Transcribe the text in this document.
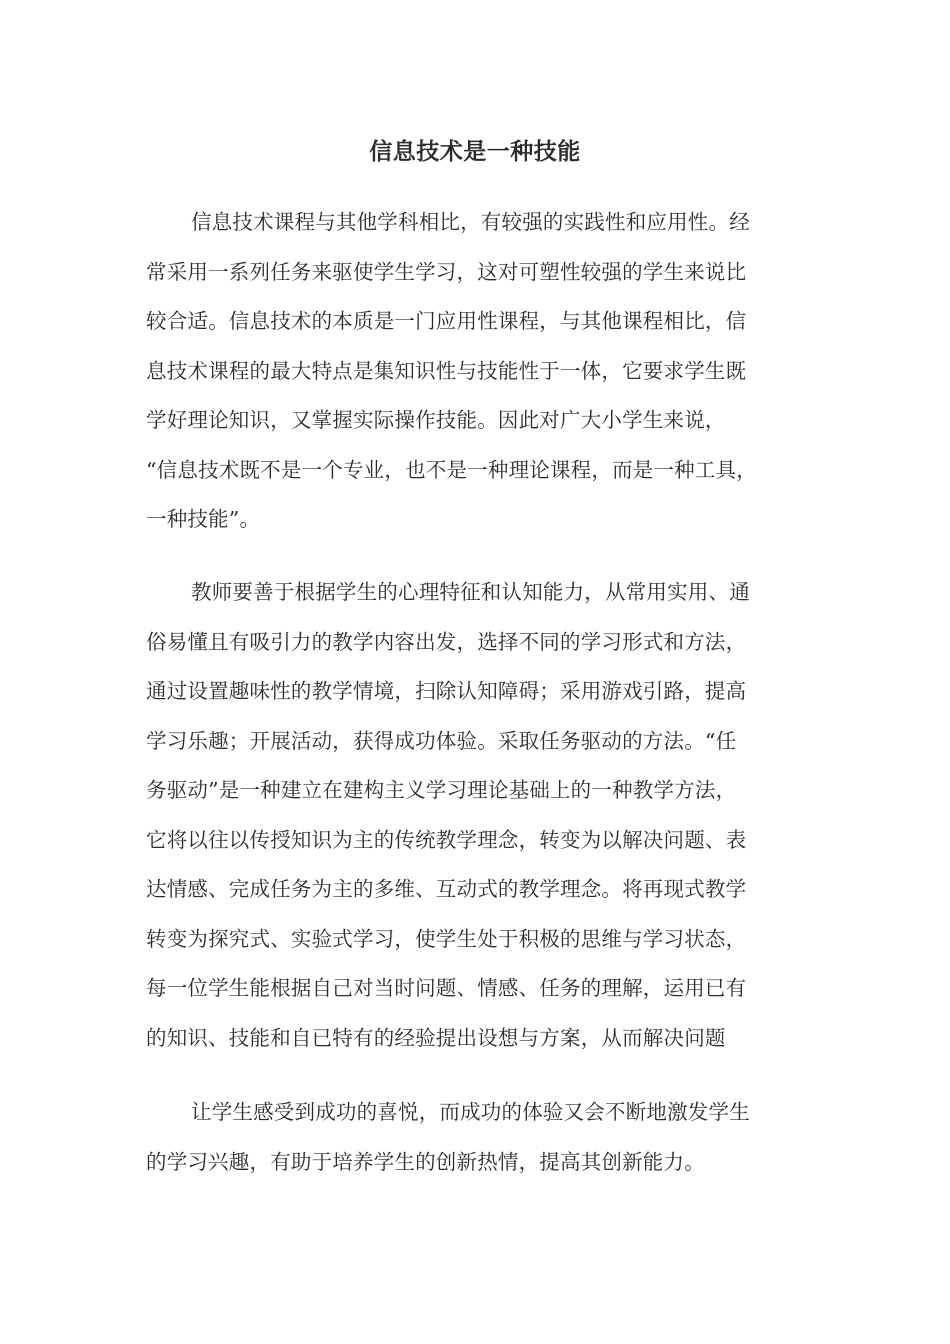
信息技术是一种技能
信息技术课程与其他学科相比，有较强的实践性和应用性。经
常采用一系列任务来驱使学生学习，这对可塑性较强的学生来说比
较合适。信息技术的本质是一门应用性课程，与其他课程相比，信
息技术课程的最大特点是集知识性与技能性于一体，它要求学生既
学好理论知识，又掌握实际操作技能。因此对广大小学生来说，
“信息技术既不是一个专业，也不是一种理论课程，而是一种工具，
一种技能”。
教师要善于根据学生的心理特征和认知能力，从常用实用、通
俗易懂且有吸引力的教学内容出发，选择不同的学习形式和方法，
通过设置趣味性的教学情境，扫除认知障碍；采用游戏引路，提高
学习乐趣；开展活动，获得成功体验。采取任务驱动的方法。“任
务驱动”是一种建立在建构主义学习理论基础上的一种教学方法，
它将以往以传授知识为主的传统教学理念，转变为以解决问题、表
达情感、完成任务为主的多维、互动式的教学理念。将再现式教学
转变为探究式、实验式学习，使学生处于积极的思维与学习状态，
每一位学生能根据自己对当时问题、情感、任务的理解，运用已有
的知识、技能和自已特有的经验提出设想与方案，从而解决问题
让学生感受到成功的喜悦，而成功的体验又会不断地激发学生
的学习兴趣，有助于培养学生的创新热情，提高其创新能力。
